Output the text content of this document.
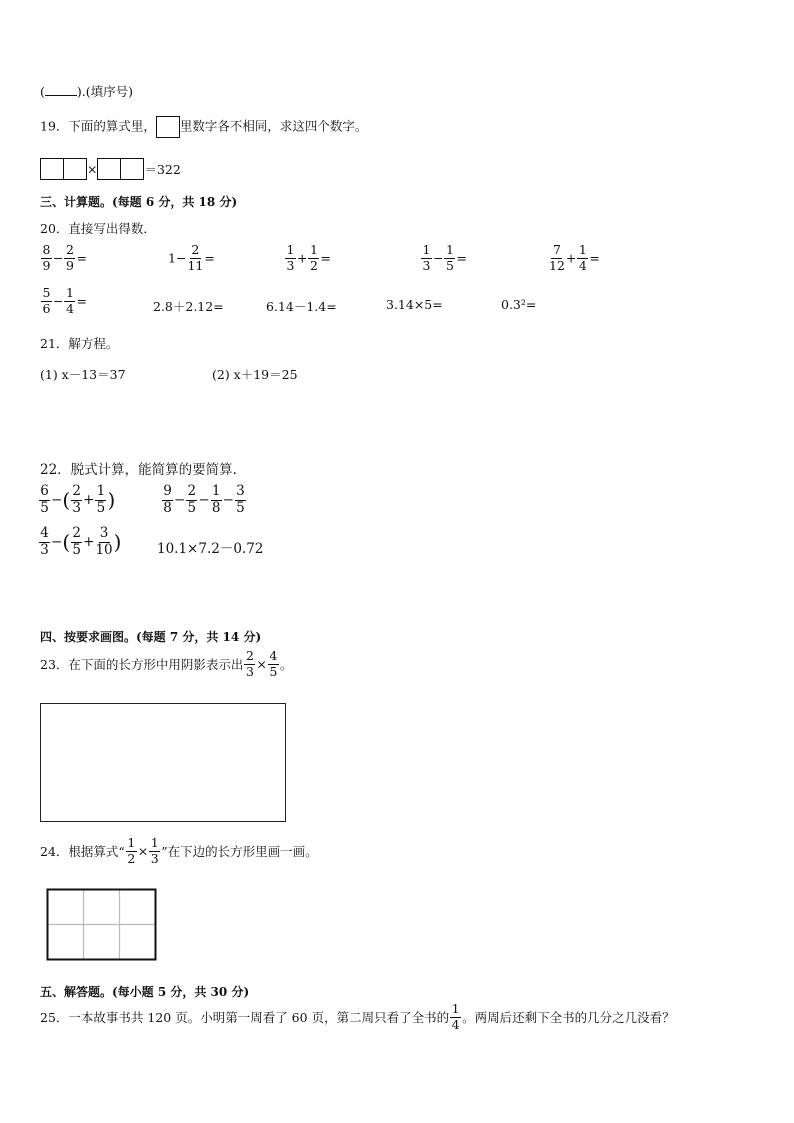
(	).(填序号)
19．下面的算式里， 里数字各不相同，求这四个数字。
×	＝322
三、计算题。(每题 6 分，共 18 分)
20．直接写出得数．
$\frac{8}{9} - \frac{2}{9}$ =	$1- \frac{2}{11}$ =	$\frac{1}{3} + \frac{1}{2}$ =	$\frac{1}{3} - \frac{1}{5}$ =	$\frac{7}{12} + \frac{1}{4}$ =
$\frac{5}{6} - \frac{1}{4}$ =	2.8＋2.12=	6.14－1.4=	3.14×5=	0.3²=
21．解方程。
(1) x－13＝37	(2) x＋19＝25
22．脱式计算，能简算的要简算.
$\frac{6}{5}$ −( $\frac{2}{3} + \frac{1}{5}$ )	$\frac{9}{8} - \frac{2}{5} - \frac{1}{8} - \frac{3}{5}$
$\frac{4}{3}$ −( $\frac{2}{5} + \frac{3}{10}$ )	10.1×7.2－0.72
四、按要求画图。(每题 7 分，共 14 分)
23．在下面的长方形中用阴影表示出 $\frac{2}{3} \times \frac{4}{5}$ 。
24．根据算式“ $\frac{1}{2} \times \frac{1}{3}$ ”在下边的长方形里画一画。
五、解答题。(每小题 5 分，共 30 分)
25．一本故事书共 120 页。小明第一周看了 60 页，第二周只看了全书的 $\frac{1}{4}$ 。两周后还剩下全书的几分之几没看？
